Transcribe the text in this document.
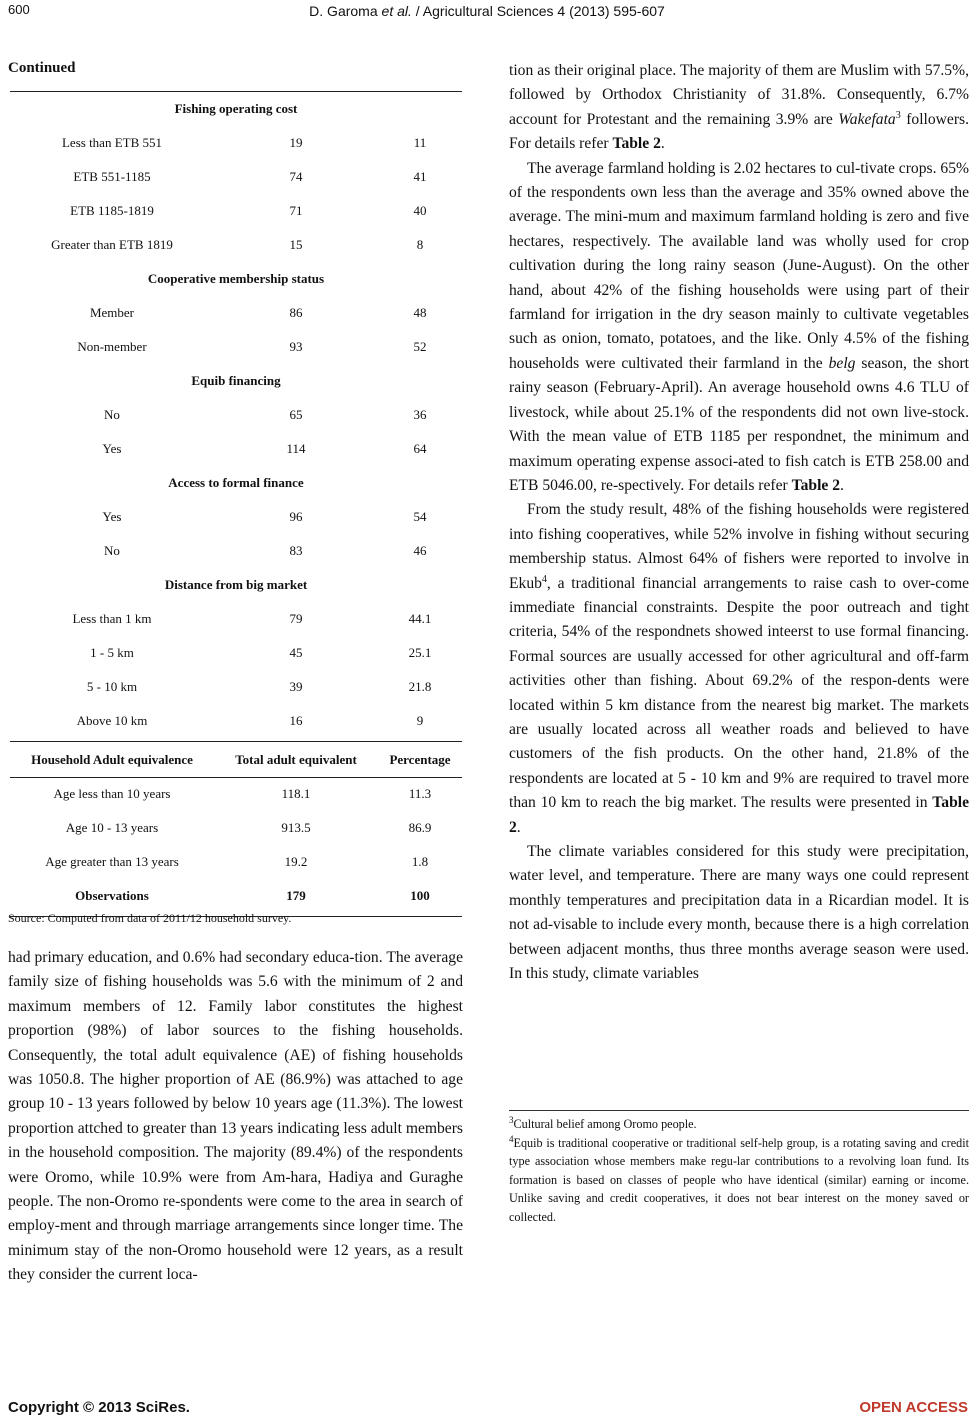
600	D. Garoma et al. / Agricultural Sciences 4 (2013) 595-607
Continued
Fishing operating cost
Less than ETB 551	19	11
ETB 551-1185	74	41
ETB 1185-1819	71	40
Greater than ETB 1819	15	8
Cooperative membership status
Member	86	48
Non-member	93	52
Equib financing
No	65	36
Yes	114	64
Access to formal finance
Yes	96	54
No	83	46
Distance from big market
Less than 1 km	79	44.1
1 - 5 km	45	25.1
5 - 10 km	39	21.8
Above 10 km	16	9
Household Adult equivalence	Total adult equivalent	Percentage
Age less than 10 years	118.1	11.3
Age 10 - 13 years	913.5	86.9
Age greater than 13 years	19.2	1.8
Observations	179	100
Source: Computed from data of 2011/12 household survey.

had primary education, and 0.6% had secondary educa-tion. The average family size of fishing households was 5.6 with the minimum of 2 and maximum members of 12. Family labor constitutes the highest proportion (98%) of labor sources to the fishing households. Consequently, the total adult equivalence (AE) of fishing households was 1050.8. The higher proportion of AE (86.9%) was attached to age group 10 - 13 years followed by below 10 years age (11.3%). The lowest proportion attched to greater than 13 years indicating less adult members in the household composition. The majority (89.4%) of the respondents were Oromo, while 10.9% were from Am-hara, Hadiya and Guraghe people. The non-Oromo re-spondents were come to the area in search of employ-ment and through marriage arrangements since longer time. The minimum stay of the non-Oromo household were 12 years, as a result they consider the current loca-

tion as their original place. The majority of them are Muslim with 57.5%, followed by Orthodox Christianity of 31.8%. Consequently, 6.7% account for Protestant and the remaining 3.9% are Wakefata$^3$ followers. For details refer Table 2.

The average farmland holding is 2.02 hectares to cul-tivate crops. 65% of the respondents own less than the average and 35% owned above the average. The mini-mum and maximum farmland holding is zero and five hectares, respectively. The available land was wholly used for crop cultivation during the long rainy season (June-August). On the other hand, about 42% of the fishing households were using part of their farmland for irrigation in the dry season mainly to cultivate vegetables such as onion, tomato, potatoes, and the like. Only 4.5% of the fishing households were cultivated their farmland in the belg season, the short rainy season (February-April). An average household owns 4.6 TLU of livestock, while about 25.1% of the respondents did not own live-stock. With the mean value of ETB 1185 per respondnet, the minimum and maximum operating expense associ-ated to fish catch is ETB 258.00 and ETB 5046.00, re-spectively. For details refer Table 2.

From the study result, 48% of the fishing households were registered into fishing cooperatives, while 52% involve in fishing without securing membership status. Almost 64% of fishers were reported to involve in Ekub$^4$, a traditional financial arrangements to raise cash to over-come immediate financial constraints. Despite the poor outreach and tight criteria, 54% of the respondnets showed inteerst to use formal financing. Formal sources are usually accessed for other agricultural and off-farm activities other than fishing. About 69.2% of the respon-dents were located within 5 km distance from the nearest big market. The markets are usually located across all weather roads and believed to have customers of the fish products. On the other hand, 21.8% of the respondents are located at 5 - 10 km and 9% are required to travel more than 10 km to reach the big market. The results were presented in Table 2.

The climate variables considered for this study were precipitation, water level, and temperature. There are many ways one could represent monthly temperatures and precipitation data in a Ricardian model. It is not ad-visable to include every month, because there is a high correlation between adjacent months, thus three months average season were used. In this study, climate variables

$^3$Cultural belief among Oromo people.

$^4$Equib is traditional cooperative or traditional self-help group, is a rotating saving and credit type association whose members make regu-lar contributions to a revolving loan fund. Its formation is based on classes of people who have identical (similar) earning or income. Unlike saving and credit cooperatives, it does not bear interest on the money saved or collected.

Copyright © 2013 SciRes.	OPEN ACCESS
